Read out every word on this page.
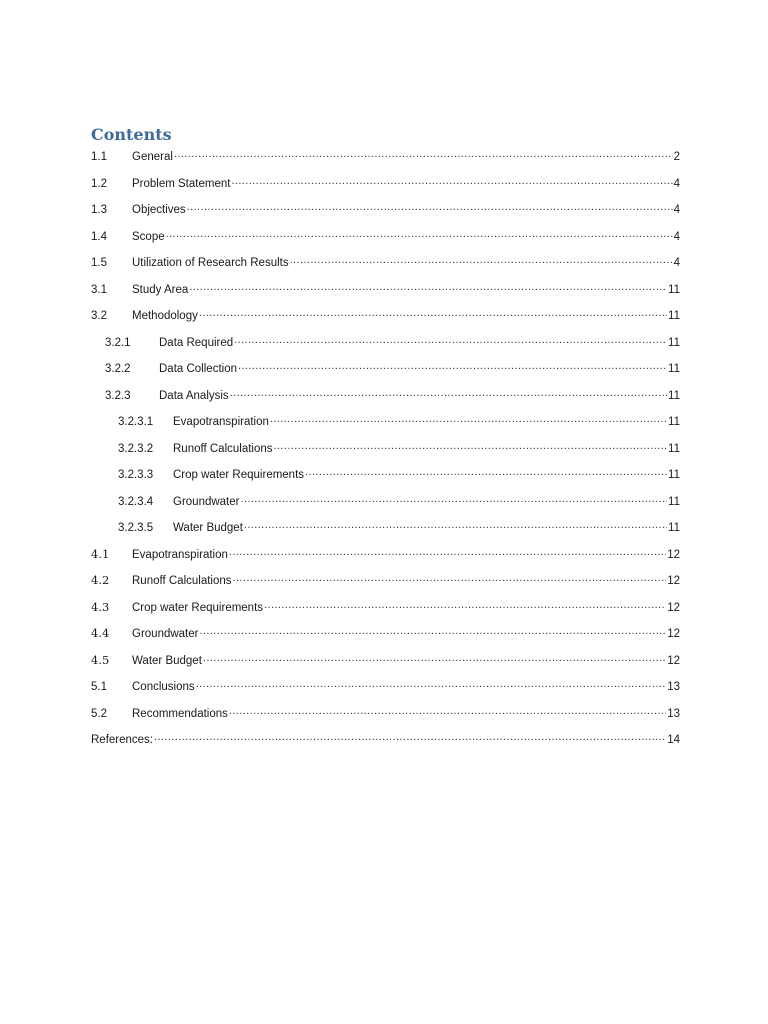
Contents
1.1	General .....	2
1.2	Problem Statement .....	4
1.3	Objectives .....	4
1.4	Scope .....	4
1.5	Utilization of Research Results .....	4
3.1	Study Area .....	11
3.2	Methodology .....	11
3.2.1	Data Required .....	11
3.2.2	Data Collection .....	11
3.2.3	Data Analysis .....	11
3.2.3.1	Evapotranspiration .....	11
3.2.3.2	Runoff Calculations .....	11
3.2.3.3	Crop water Requirements .....	11
3.2.3.4	Groundwater .....	11
3.2.3.5	Water Budget .....	11
4.1	Evapotranspiration .....	12
4.2	Runoff Calculations .....	12
4.3	Crop water Requirements .....	12
4.4	Groundwater .....	12
4.5	Water Budget .....	12
5.1	Conclusions .....	13
5.2	Recommendations .....	13
References: .....	14
